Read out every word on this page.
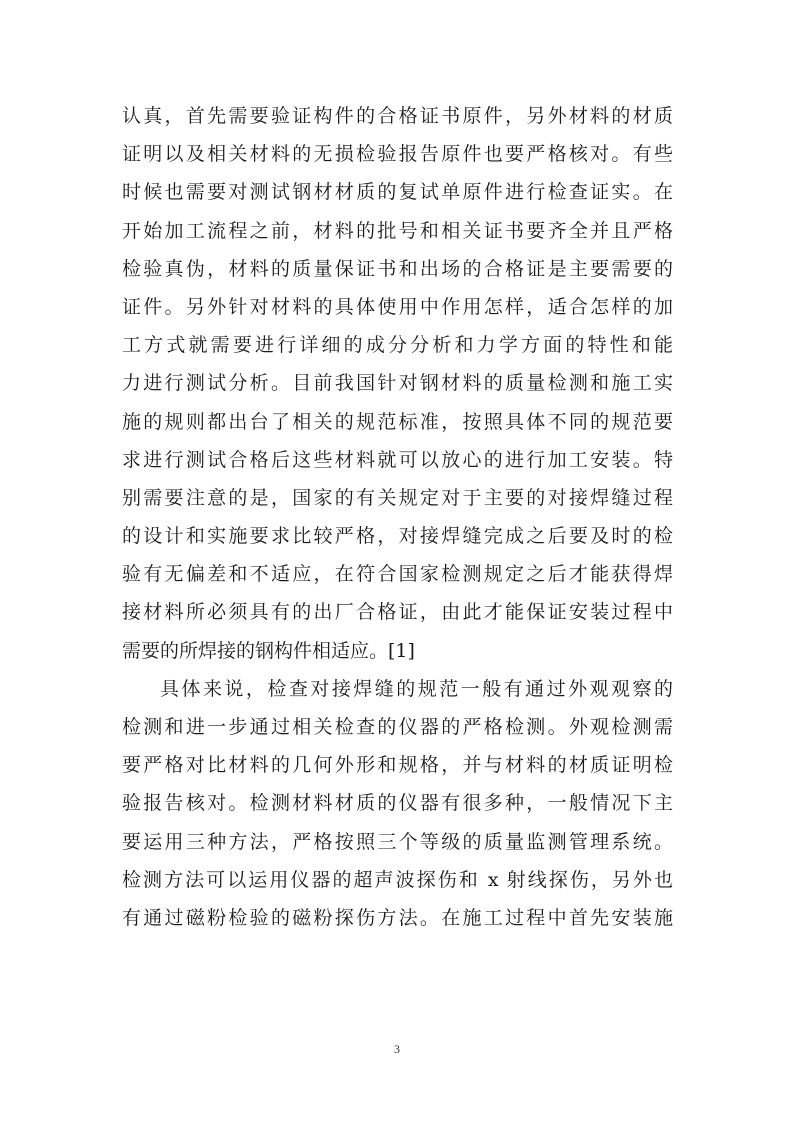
认真，首先需要验证构件的合格证书原件，另外材料的材质
证明以及相关材料的无损检验报告原件也要严格核对。有些
时候也需要对测试钢材材质的复试单原件进行检查证实。在
开始加工流程之前，材料的批号和相关证书要齐全并且严格
检验真伪，材料的质量保证书和出场的合格证是主要需要的
证件。另外针对材料的具体使用中作用怎样，适合怎样的加
工方式就需要进行详细的成分分析和力学方面的特性和能
力进行测试分析。目前我国针对钢材料的质量检测和施工实
施的规则都出台了相关的规范标准，按照具体不同的规范要
求进行测试合格后这些材料就可以放心的进行加工安装。特
别需要注意的是，国家的有关规定对于主要的对接焊缝过程
的设计和实施要求比较严格，对接焊缝完成之后要及时的检
验有无偏差和不适应，在符合国家检测规定之后才能获得焊
接材料所必须具有的出厂合格证，由此才能保证安装过程中
需要的所焊接的钢构件相适应。[1]
具体来说，检查对接焊缝的规范一般有通过外观观察的
检测和进一步通过相关检查的仪器的严格检测。外观检测需
要严格对比材料的几何外形和规格，并与材料的材质证明检
验报告核对。检测材料材质的仪器有很多种，一般情况下主
要运用三种方法，严格按照三个等级的质量监测管理系统。
检测方法可以运用仪器的超声波探伤和 x 射线探伤，另外也
有通过磁粉检验的磁粉探伤方法。在施工过程中首先安装施
3
